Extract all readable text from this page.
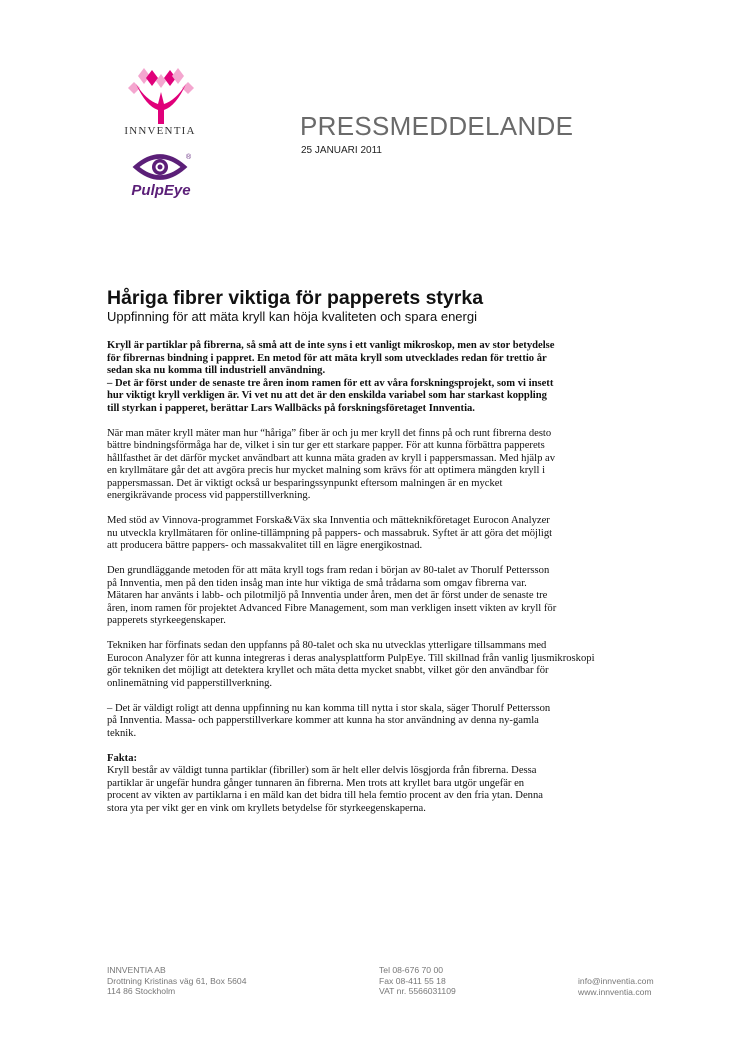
INNVENTIA
®
PulpEye
PRESSMEDDELANDE
25 JANUARI 2011
Håriga fibrer viktiga för papperets styrka
Uppfinning för att mäta kryll kan höja kvaliteten och spara energi

Kryll är partiklar på fibrerna, så små att de inte syns i ett vanligt mikroskop, men av stor betydelse
för fibrernas bindning i pappret. En metod för att mäta kryll som utvecklades redan för trettio år
sedan ska nu komma till industriell användning.
– Det är först under de senaste tre åren inom ramen för ett av våra forskningsprojekt, som vi insett
hur viktigt kryll verkligen är. Vi vet nu att det är den enskilda variabel som har starkast koppling
till styrkan i papperet, berättar Lars Wallbäcks på forskningsföretaget Innventia.

När man mäter kryll mäter man hur “håriga” fiber är och ju mer kryll det finns på och runt fibrerna desto
bättre bindningsförmåga har de, vilket i sin tur ger ett starkare papper. För att kunna förbättra papperets
hållfasthet är det därför mycket användbart att kunna mäta graden av kryll i pappersmassan. Med hjälp av
en kryllmätare går det att avgöra precis hur mycket malning som krävs för att optimera mängden kryll i
pappersmassan. Det är viktigt också ur besparingssynpunkt eftersom malningen är en mycket
energikrävande process vid papperstillverkning.

Med stöd av Vinnova-programmet Forska&Väx ska Innventia och mätteknikföretaget Eurocon Analyzer
nu utveckla kryllmätaren för online-tillämpning på pappers- och massabruk. Syftet är att göra det möjligt
att producera bättre pappers- och massakvalitet till en lägre energikostnad.

Den grundläggande metoden för att mäta kryll togs fram redan i början av 80-talet av Thorulf Pettersson
på Innventia, men på den tiden insåg man inte hur viktiga de små trådarna som omgav fibrerna var.
Mätaren har använts i labb- och pilotmiljö på Innventia under åren, men det är först under de senaste tre
åren, inom ramen för projektet Advanced Fibre Management, som man verkligen insett vikten av kryll för
papperets styrkeegenskaper.

Tekniken har förfinats sedan den uppfanns på 80-talet och ska nu utvecklas ytterligare tillsammans med
Eurocon Analyzer för att kunna integreras i deras analysplattform PulpEye. Till skillnad från vanlig ljusmikroskopi
gör tekniken det möjligt att detektera kryllet och mäta detta mycket snabbt, vilket gör den användbar för
onlinemätning vid papperstillverkning.

– Det är väldigt roligt att denna uppfinning nu kan komma till nytta i stor skala, säger Thorulf Pettersson
på Innventia. Massa- och papperstillverkare kommer att kunna ha stor användning av denna ny-gamla
teknik.

Fakta:
Kryll består av väldigt tunna partiklar (fibriller) som är helt eller delvis lösgjorda från fibrerna. Dessa
partiklar är ungefär hundra gånger tunnaren än fibrerna. Men trots att kryllet bara utgör ungefär en
procent av vikten av partiklarna i en mäld kan det bidra till hela femtio procent av den fria ytan. Denna
stora yta per vikt ger en vink om kryllets betydelse för styrkeegenskaperna.

INNVENTIA AB
Drottning Kristinas väg 61, Box 5604
114 86 Stockholm
Tel 08-676 70 00
Fax 08-411 55 18
VAT nr. 5566031109
info@innventia.com
www.innventia.com
